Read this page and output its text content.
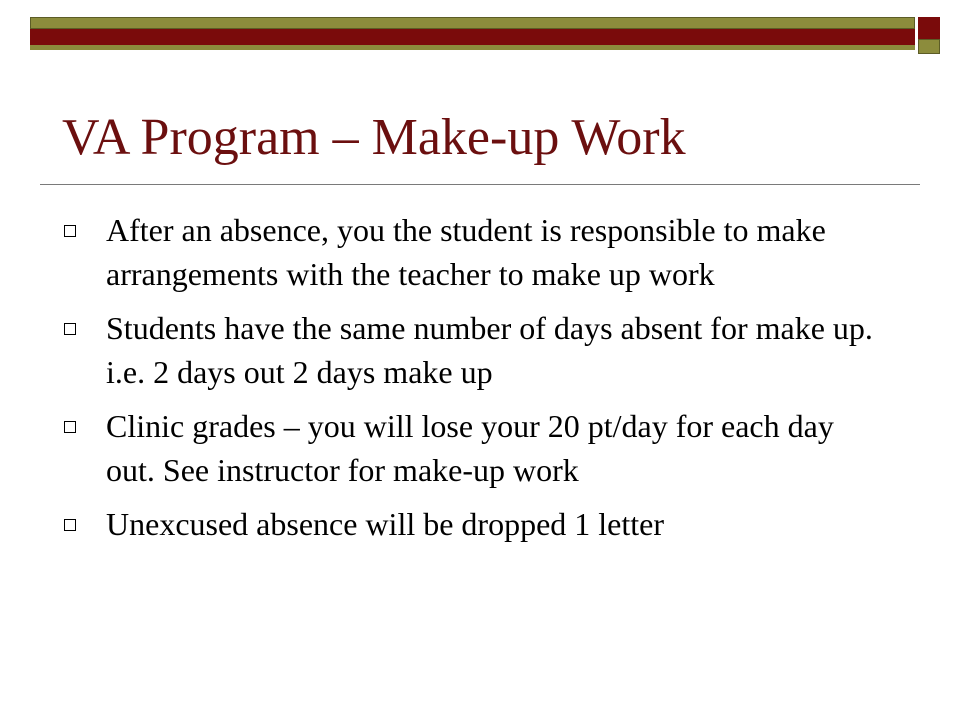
VA Program – Make-up Work
After an absence, you the student is responsible to make arrangements with the teacher to make up work
Students have the same number of days absent for make up. i.e. 2 days out 2 days make up
Clinic grades – you will lose your 20 pt/day for each day out. See instructor for make-up work
Unexcused absence will be dropped 1 letter
